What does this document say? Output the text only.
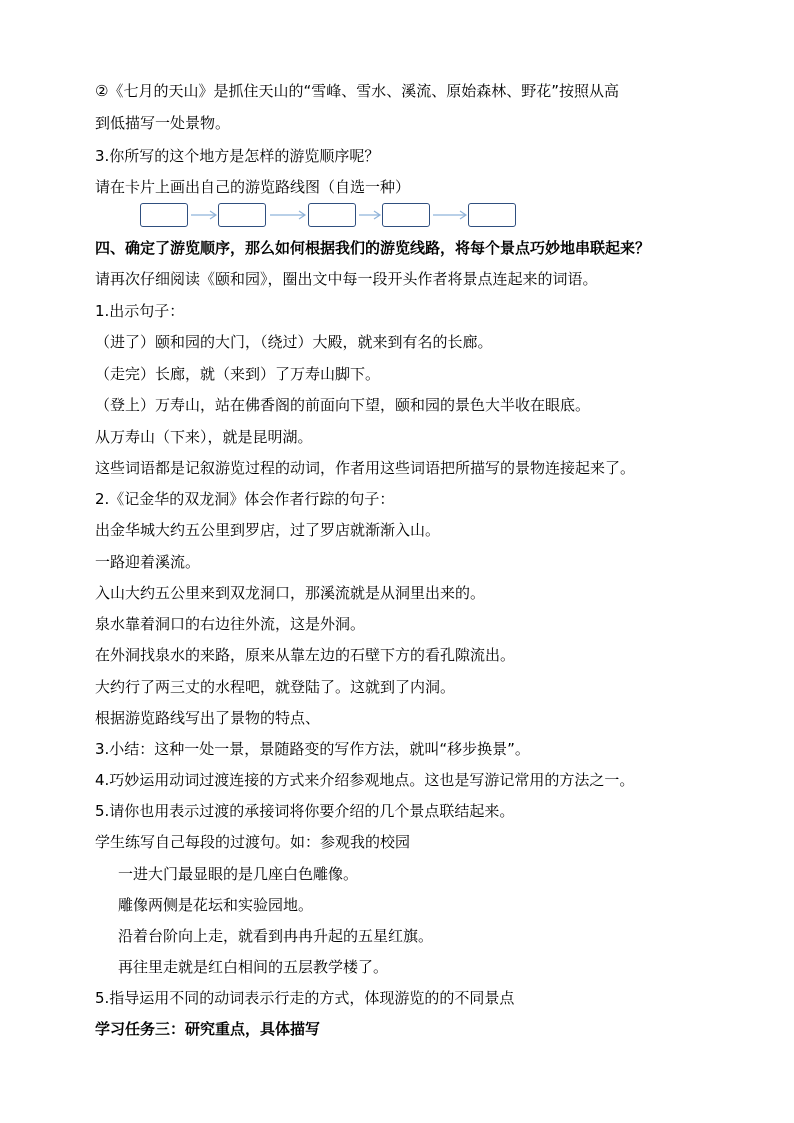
②《七月的天山》是抓住天山的“雪峰、雪水、溪流、原始森林、野花”按照从高
到低描写一处景物。
3.你所写的这个地方是怎样的游览顺序呢？
请在卡片上画出自己的游览路线图（自选一种）
四、确定了游览顺序，那么如何根据我们的游览线路，将每个景点巧妙地串联起来？
请再次仔细阅读《颐和园》，圈出文中每一段开头作者将景点连起来的词语。
1.出示句子：
（进了）颐和园的大门，（绕过）大殿，就来到有名的长廊。
（走完）长廊，就（来到）了万寿山脚下。
（登上）万寿山，站在佛香阁的前面向下望，颐和园的景色大半收在眼底。
从万寿山（下来），就是昆明湖。
这些词语都是记叙游览过程的动词，作者用这些词语把所描写的景物连接起来了。
2.《记金华的双龙洞》体会作者行踪的句子：
出金华城大约五公里到罗店，过了罗店就渐渐入山。
一路迎着溪流。
入山大约五公里来到双龙洞口，那溪流就是从洞里出来的。
泉水靠着洞口的右边往外流，这是外洞。
在外洞找泉水的来路，原来从靠左边的石壁下方的看孔隙流出。
大约行了两三丈的水程吧，就登陆了。这就到了内洞。
根据游览路线写出了景物的特点、
3.小结：这种一处一景，景随路变的写作方法，就叫“移步换景”。
4.巧妙运用动词过渡连接的方式来介绍参观地点。这也是写游记常用的方法之一。
5.请你也用表示过渡的承接词将你要介绍的几个景点联结起来。
学生练写自己每段的过渡句。如：参观我的校园
一进大门最显眼的是几座白色雕像。
雕像两侧是花坛和实验园地。
沿着台阶向上走，就看到冉冉升起的五星红旗。
再往里走就是红白相间的五层教学楼了。
5.指导运用不同的动词表示行走的方式，体现游览的的不同景点
学习任务三：研究重点，具体描写
